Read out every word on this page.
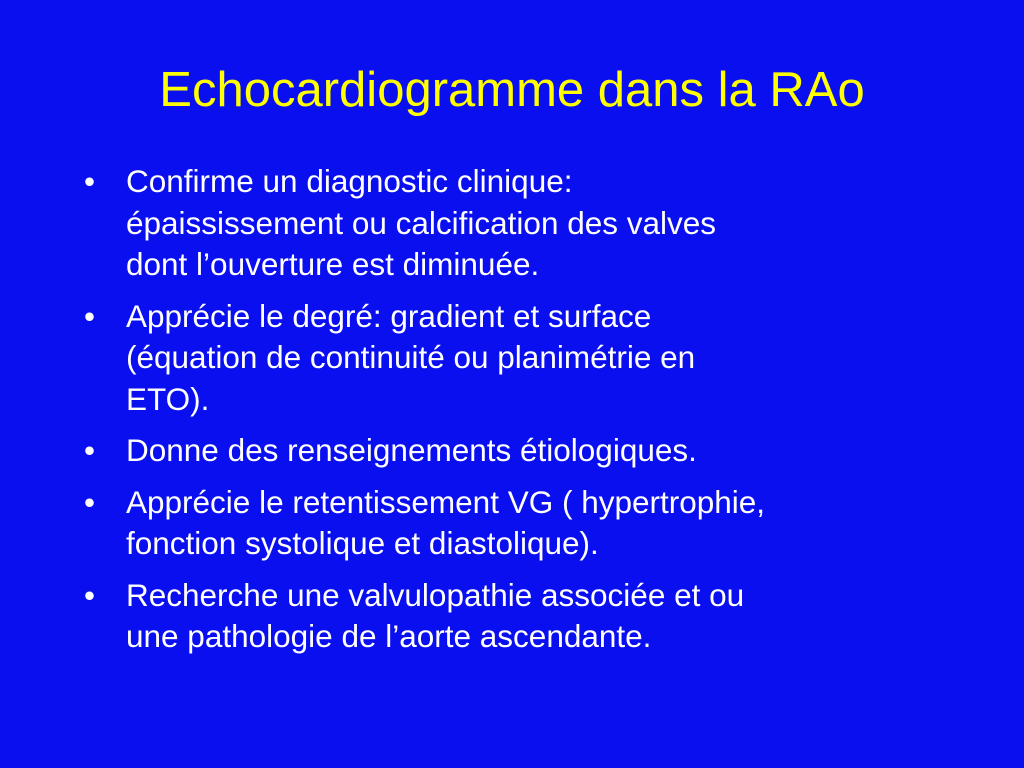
Echocardiogramme dans la RAo
• Confirme un diagnostic clinique:
épaississement ou calcification des valves
dont l’ouverture est diminuée.
• Apprécie le degré: gradient et surface
(équation de continuité ou planimétrie en
ETO).
• Donne des renseignements étiologiques.
• Apprécie le retentissement VG ( hypertrophie,
fonction systolique et diastolique).
• Recherche une valvulopathie associée et ou
une pathologie de l’aorte ascendante.
